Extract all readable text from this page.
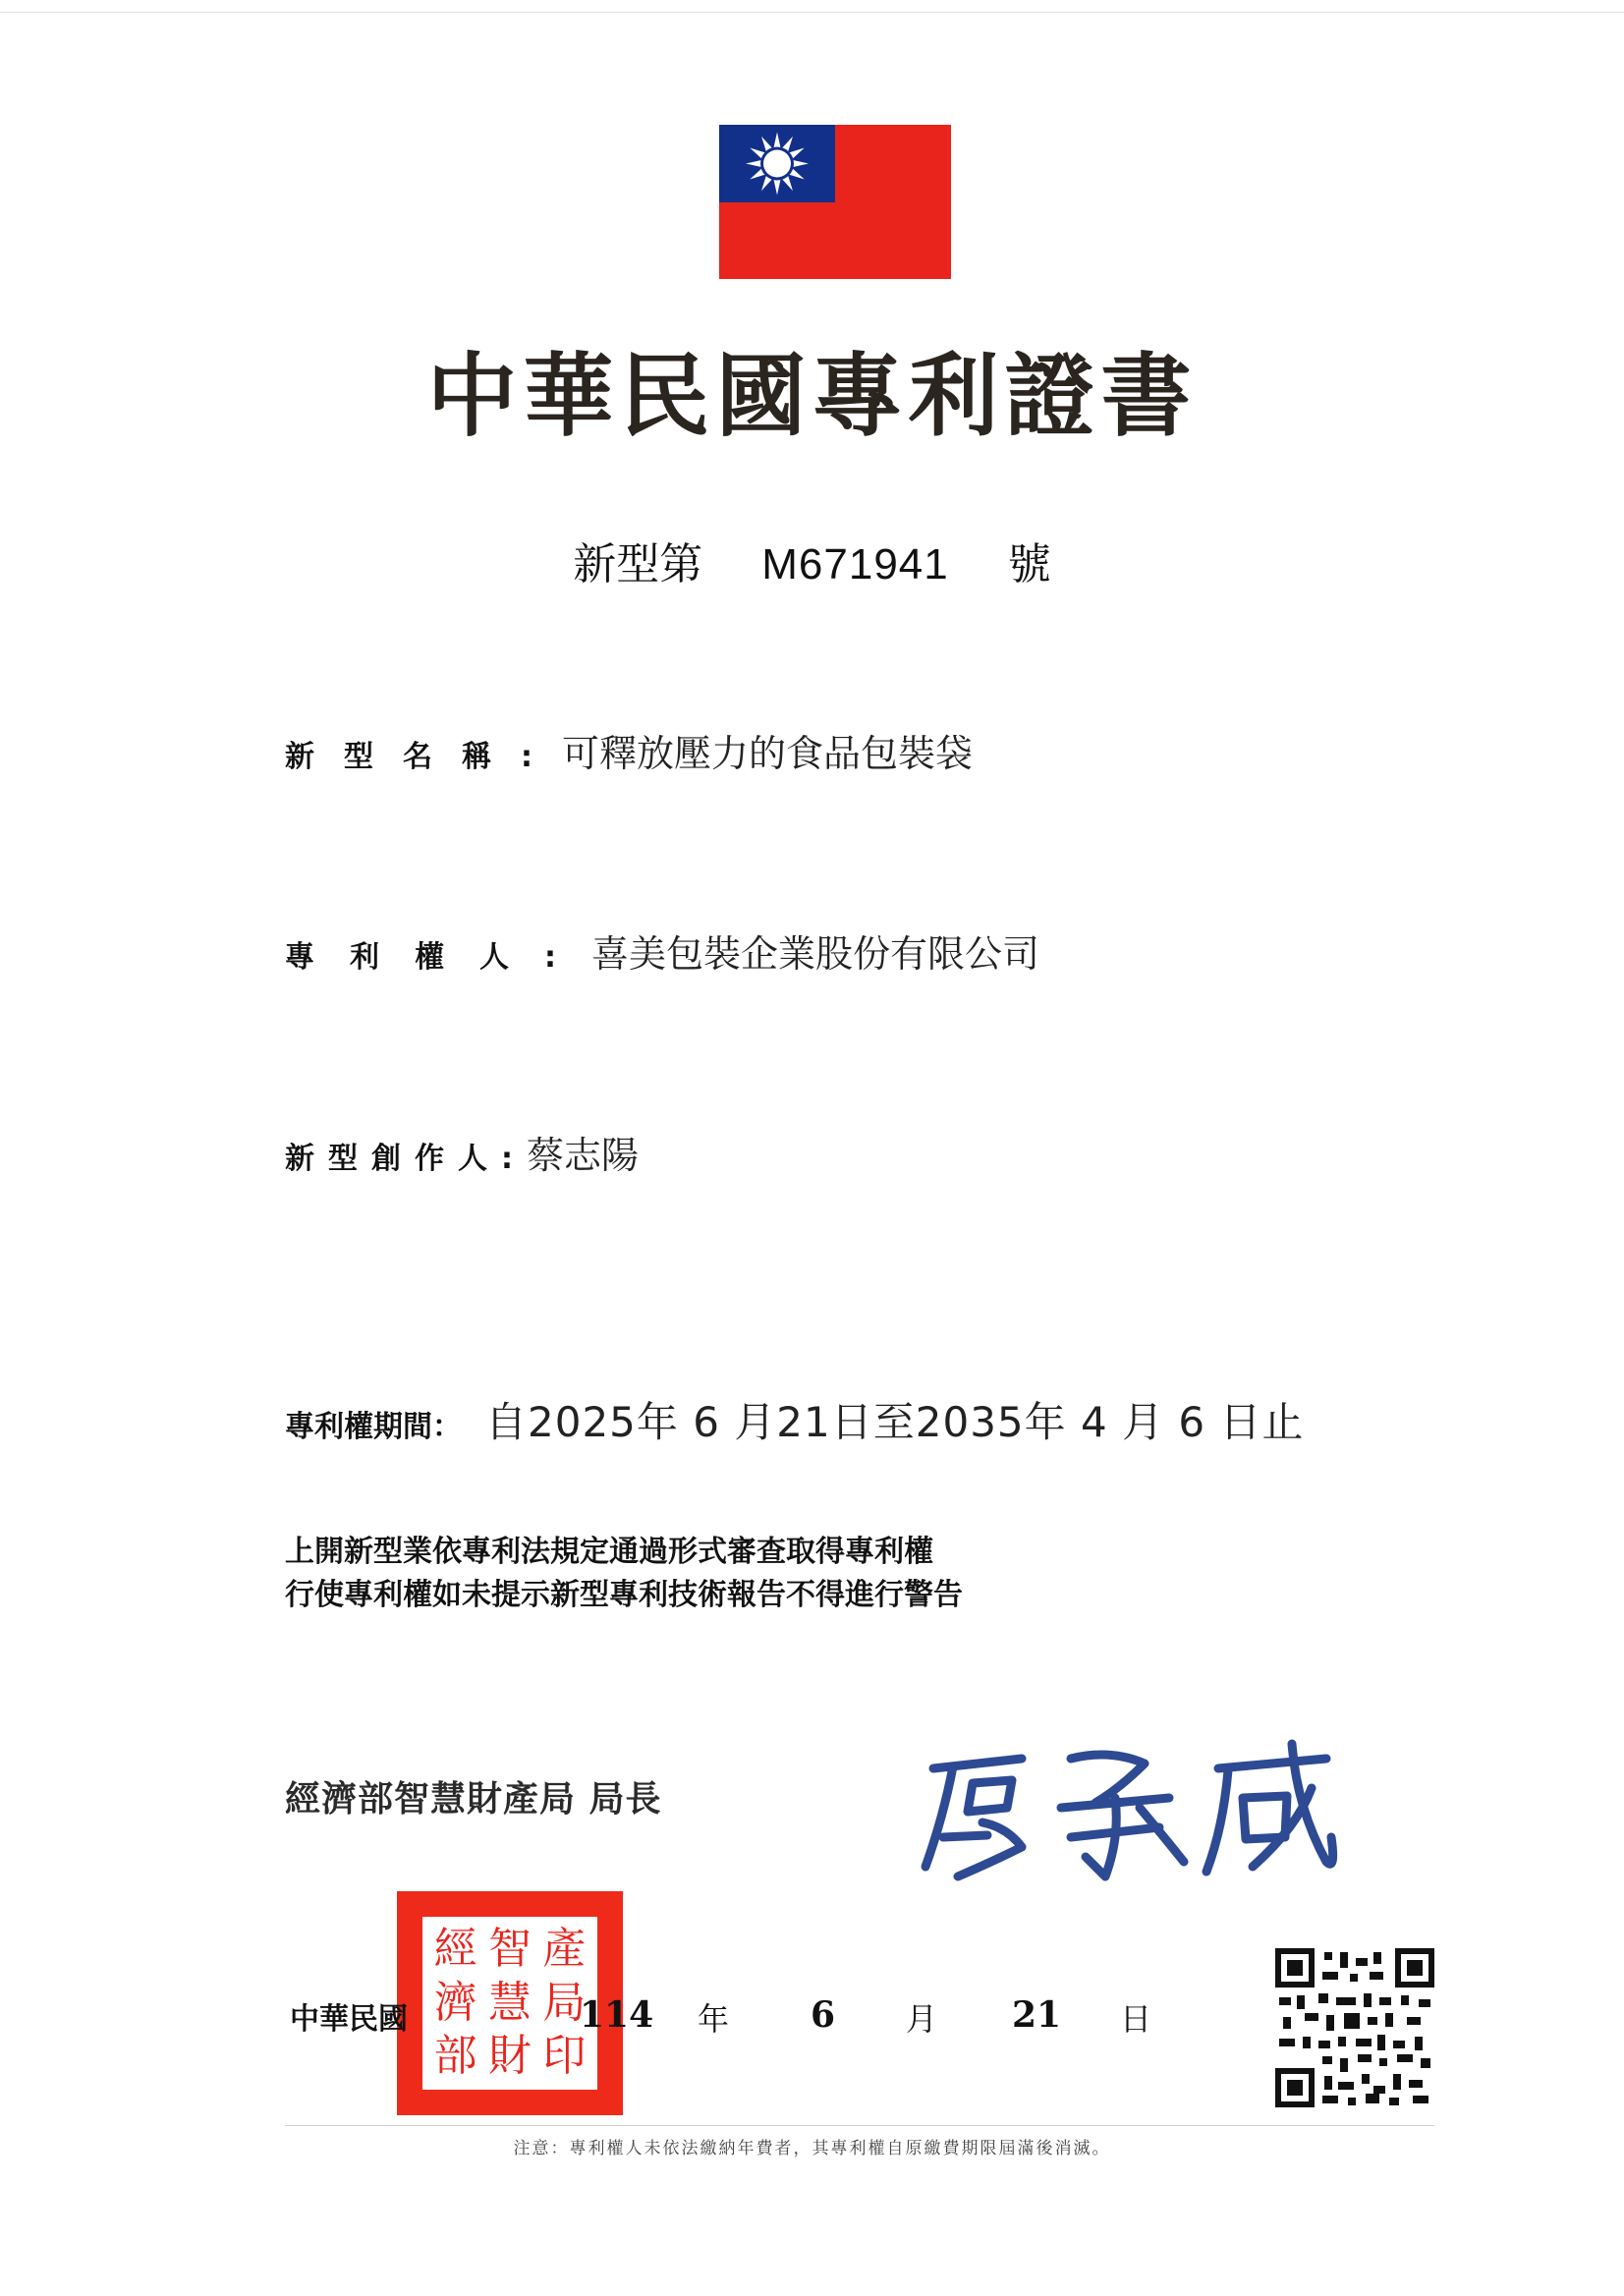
中華民國專利證書
新型第 M671941 號
新型名稱:可釋放壓力的食品包裝袋
專利權人:喜美包裝企業股份有限公司
新型創作人:蔡志陽
專利權期間： 自2025年 6 月21日至2035年 4 月 6 日止
上開新型業依專利法規定通過形式審查取得專利權
行使專利權如未提示新型專利技術報告不得進行警告
經濟部智慧財產局 局長
經 智 產
濟 慧 局
部 財 印
中華民國	114 年 6 月 21 日
注意：專利權人未依法繳納年費者，其專利權自原繳費期限屆滿後消滅。
